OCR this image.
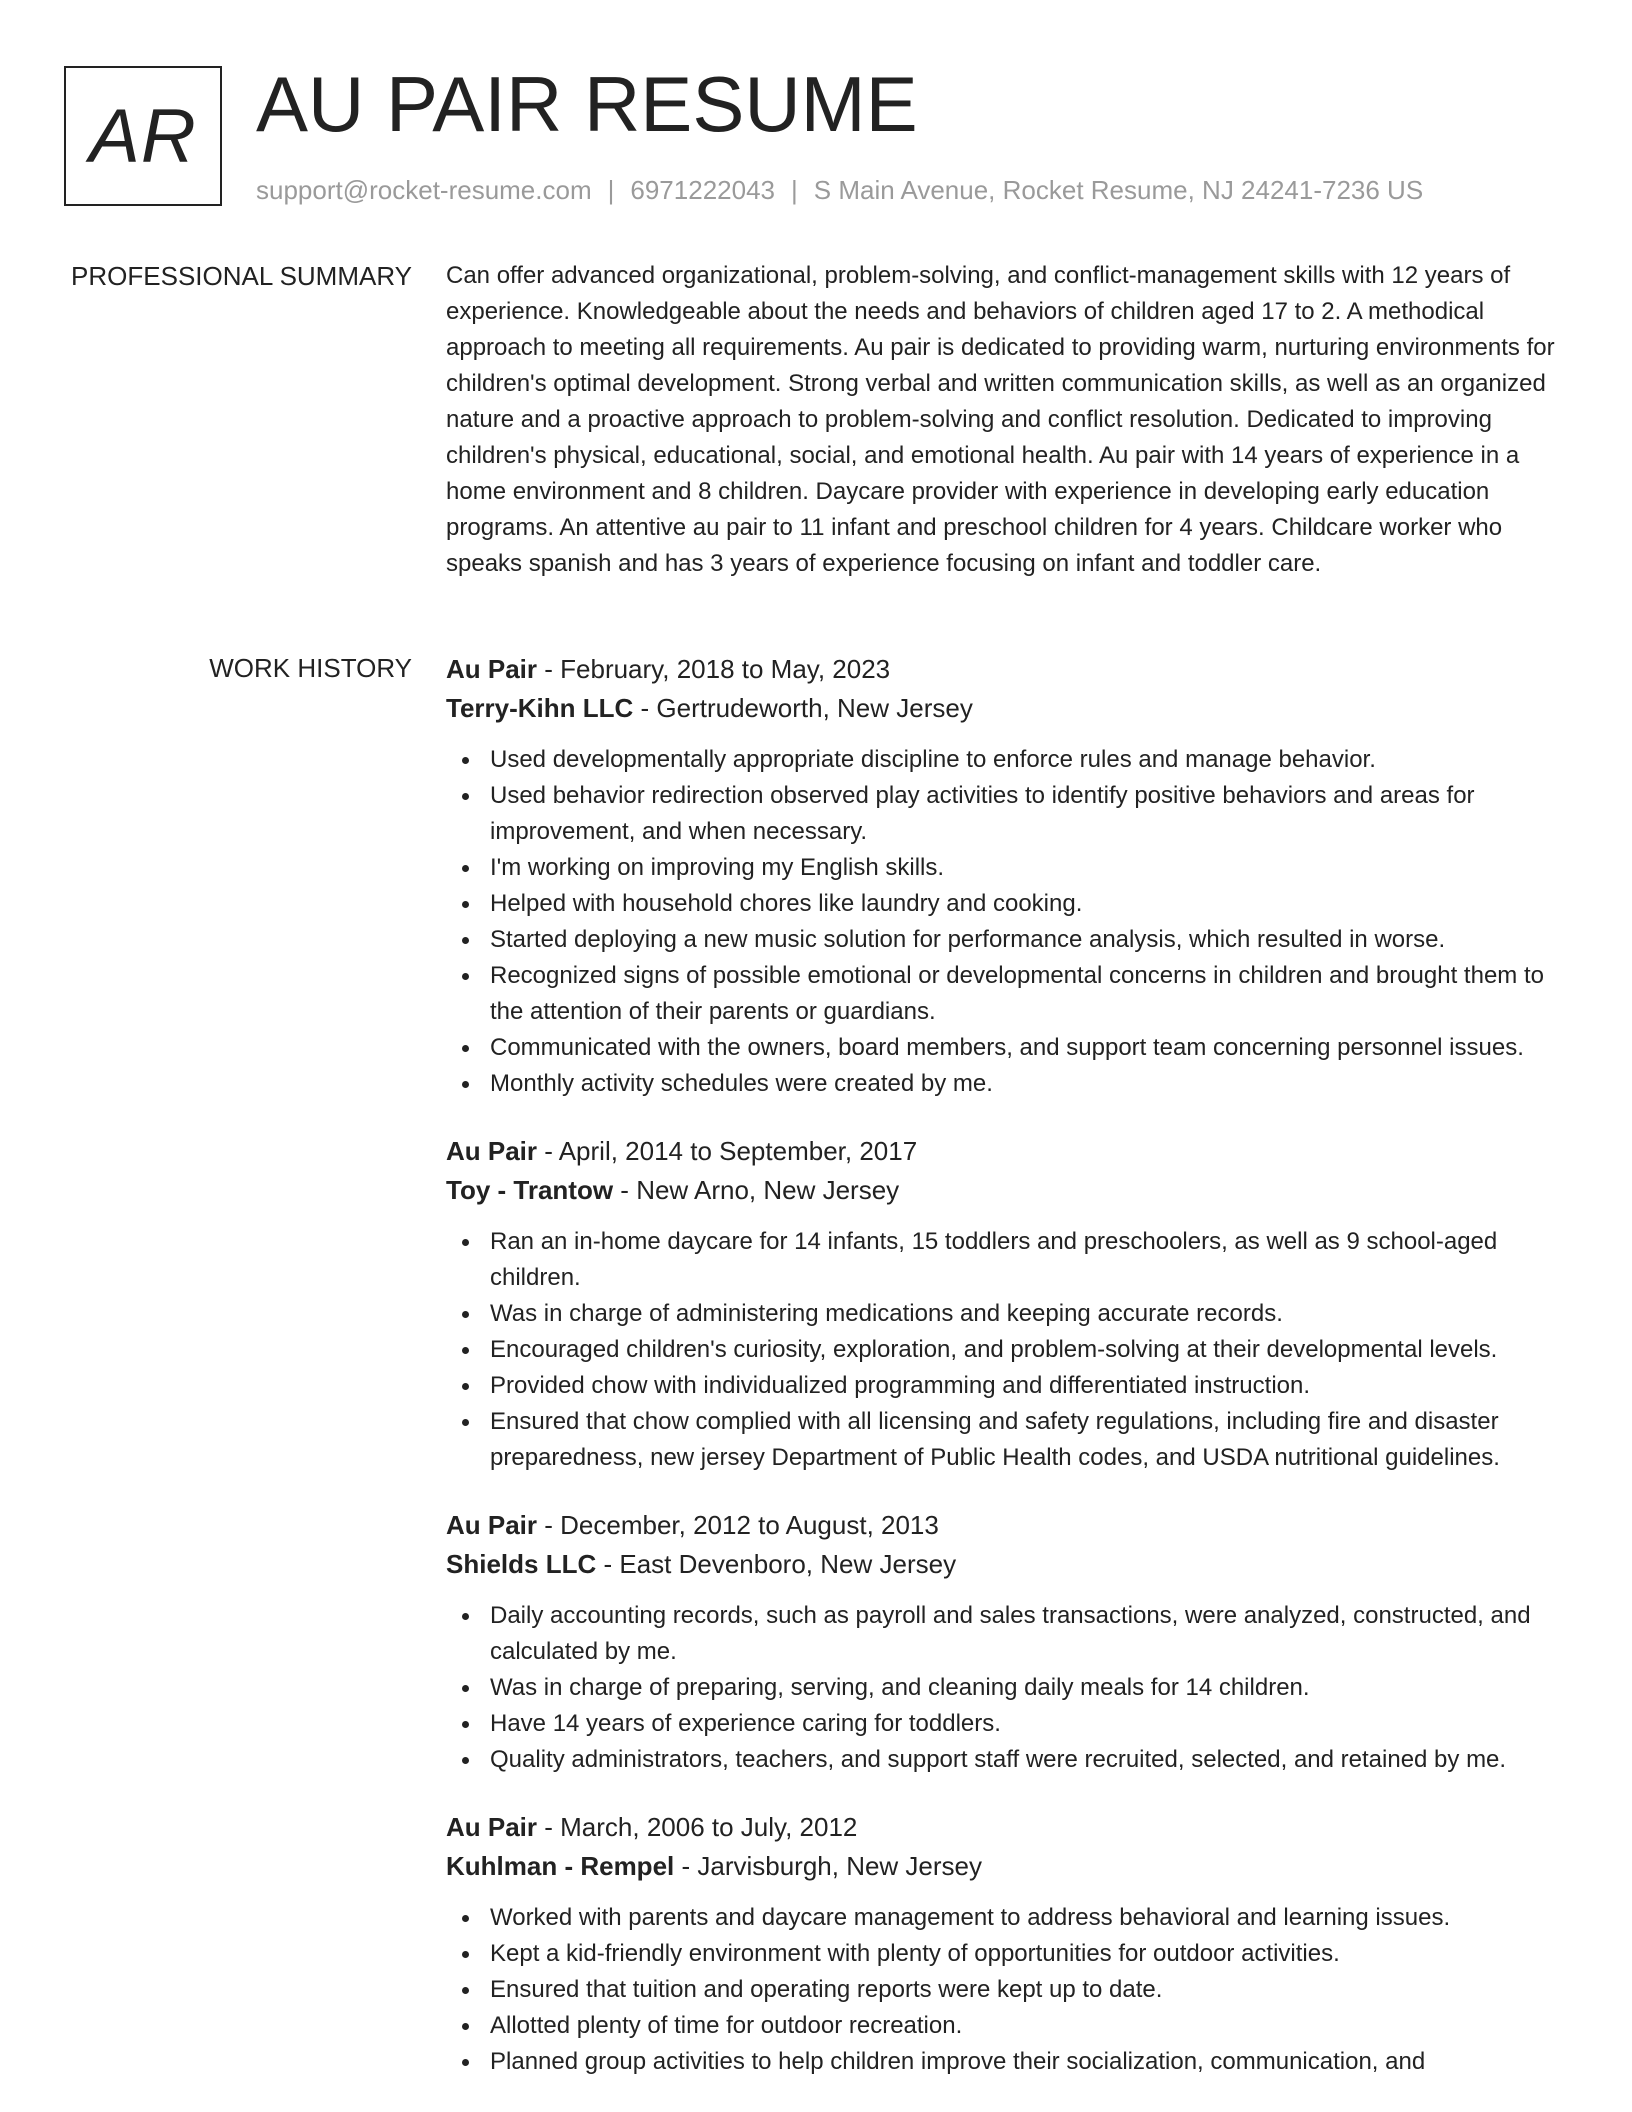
AR AU PAIR RESUME
support@rocket-resume.com | 6971222043 | S Main Avenue, Rocket Resume, NJ 24241-7236 US
PROFESSIONAL SUMMARY Can offer advanced organizational, problem-solving, and conflict-management skills with 12 years of experience. Knowledgeable about the needs and behaviors of children aged 17 to 2. A methodical approach to meeting all requirements. Au pair is dedicated to providing warm, nurturing environments for children's optimal development. Strong verbal and written communication skills, as well as an organized nature and a proactive approach to problem-solving and conflict resolution. Dedicated to improving children's physical, educational, social, and emotional health. Au pair with 14 years of experience in a home environment and 8 children. Daycare provider with experience in developing early education programs. An attentive au pair to 11 infant and preschool children for 4 years. Childcare worker who speaks spanish and has 3 years of experience focusing on infant and toddler care.

WORK HISTORY Au Pair - February, 2018 to May, 2023
Terry-Kihn LLC - Gertrudeworth, New Jersey
Used developmentally appropriate discipline to enforce rules and manage behavior.
Used behavior redirection observed play activities to identify positive behaviors and areas for improvement, and when necessary.
I'm working on improving my English skills.
Helped with household chores like laundry and cooking.
Started deploying a new music solution for performance analysis, which resulted in worse.
Recognized signs of possible emotional or developmental concerns in children and brought them to the attention of their parents or guardians.
Communicated with the owners, board members, and support team concerning personnel issues.
Monthly activity schedules were created by me.
Au Pair - April, 2014 to September, 2017
Toy - Trantow - New Arno, New Jersey
Ran an in-home daycare for 14 infants, 15 toddlers and preschoolers, as well as 9 school-aged children.
Was in charge of administering medications and keeping accurate records.
Encouraged children's curiosity, exploration, and problem-solving at their developmental levels.
Provided chow with individualized programming and differentiated instruction.
Ensured that chow complied with all licensing and safety regulations, including fire and disaster preparedness, new jersey Department of Public Health codes, and USDA nutritional guidelines.
Au Pair - December, 2012 to August, 2013
Shields LLC - East Devenboro, New Jersey
Daily accounting records, such as payroll and sales transactions, were analyzed, constructed, and calculated by me.
Was in charge of preparing, serving, and cleaning daily meals for 14 children.
Have 14 years of experience caring for toddlers.
Quality administrators, teachers, and support staff were recruited, selected, and retained by me.
Au Pair - March, 2006 to July, 2012
Kuhlman - Rempel - Jarvisburgh, New Jersey
Worked with parents and daycare management to address behavioral and learning issues.
Kept a kid-friendly environment with plenty of opportunities for outdoor activities.
Ensured that tuition and operating reports were kept up to date.
Allotted plenty of time for outdoor recreation.
Planned group activities to help children improve their socialization, communication, and
